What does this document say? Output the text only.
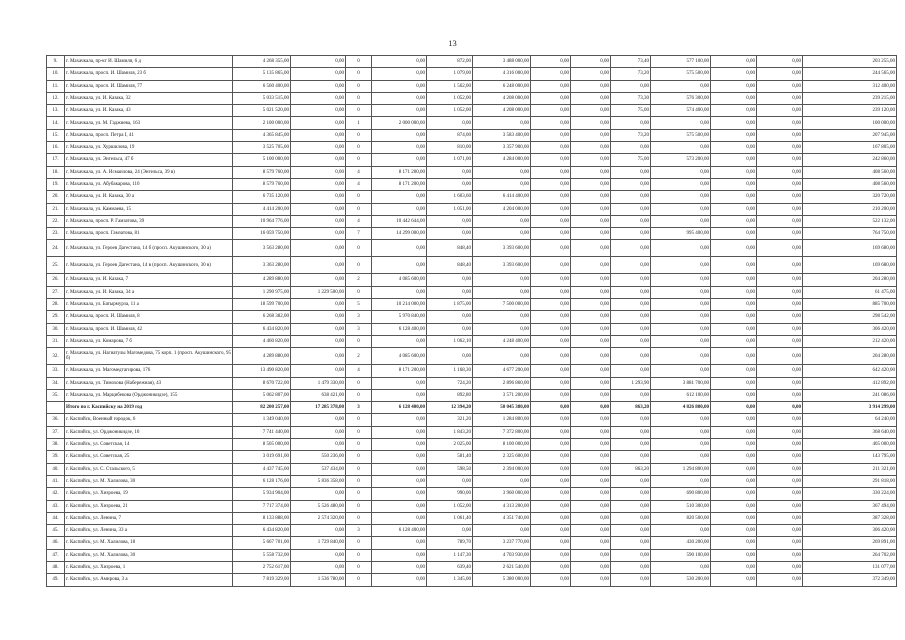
13
9.	г. Махачкала, пр-кт И. Шамиля, 6 д	4 268 355,00	0,00	0	0,00	872,00	3 488 000,00	0,00	0,00	73,40	577 100,00	0,00	0,00	203 255,00
10.	г. Махачкала, просп. И. Шамиля, 23 б	5 135 865,00	0,00	0	0,00	1 079,00	4 316 000,00	0,00	0,00	73,20	575 500,00	0,00	0,00	244 565,00
11.	г. Махачкала, просп. И. Шамиля, 77	6 560 400,00	0,00	0	0,00	1 562,00	6 248 000,00	0,00	0,00	0,00	0,00	0,00	0,00	312 400,00
12.	г. Махачкала, ул. И. Казака, 32	5 033 515,00	0,00	0	0,00	1 052,00	4 208 000,00	0,00	0,00	73,30	576 300,00	0,00	0,00	239 215,00
13.	г. Махачкала, ул. И. Казака, 43	5 021 520,00	0,00	0	0,00	1 052,00	4 208 000,00	0,00	0,00	75,00	574 400,00	0,00	0,00	239 120,00
14.	г. Махачкала, ул. М. Гаджиева, 163	2 100 000,00	0,00	1	2 000 000,00	0,00	0,00	0,00	0,00	0,00	0,00	0,00	0,00	100 000,00
15.	г. Махачкала, просп. Петра I, 41	4 365 845,00	0,00	0	0,00	874,00	3 583 400,00	0,00	0,00	73,20	575 500,00	0,00	0,00	207 945,00
16.	г. Махачкала, ул. Хуршилова, 19	3 525 705,00	0,00	0	0,00	810,00	3 357 900,00	0,00	0,00	0,00	0,00	0,00	0,00	167 805,00
17.	г. Махачкала, ул. Энгельса, 47 б	5 100 000,00	0,00	0	0,00	1 071,00	4 284 000,00	0,00	0,00	75,00	573 200,00	0,00	0,00	242 860,00
18.	г. Махачкала, ул. А. Исмаилова, 24 (Энгельса, 39 в)	8 579 760,00	0,00	4	8 171 200,00	0,00	0,00	0,00	0,00	0,00	0,00	0,00	0,00	408 560,00
19.	г. Махачкала, ул. Абубакарова, 110	8 579 760,00	0,00	4	8 171 200,00	0,00	0,00	0,00	0,00	0,00	0,00	0,00	0,00	408 560,00
20.	г. Махачкала, ул. И. Казака, 30 а	6 735 120,00	0,00	0	0,00	1 603,60	6 414 400,00	0,00	0,00	0,00	0,00	0,00	0,00	320 720,00
21.	г. Махачкала, ул. Каммаева, 15	4 414 200,00	0,00	0	0,00	1 051,00	4 204 000,00	0,00	0,00	0,00	0,00	0,00	0,00	210 200,00
22.	г. Махачкала, просп. Р. Гамзатова, 39	10 964 776,00	0,00	4	10 442 644,00	0,00	0,00	0,00	0,00	0,00	0,00	0,00	0,00	522 132,00
23.	г. Махачкала, просп. Гамзатова, 81	16 059 750,00	0,00	7	14 299 000,00	0,00	0,00	0,00	0,00	0,00	995 400,00	0,00	0,00	764 750,00
24.	г. Махачкала, ул. Героев Дагестана, 14 б (просп. Акушинского, 30 а)	3 563 280,00	0,00	0	0,00	848,40	3 393 600,00	0,00	0,00	0,00	0,00	0,00	0,00	169 680,00
25.	г. Махачкала, ул. Героев Дагестана, 14 в (просп. Акушинского, 30 в)	3 363 280,00	0,00	0	0,00	848,40	3 393 600,00	0,00	0,00	0,00	0,00	0,00	0,00	169 680,00
26.	г. Махачкала, ул. И. Казака, 7	4 289 880,00	0,00	2	4 085 600,00	0,00	0,00	0,00	0,00	0,00	0,00	0,00	0,00	204 280,00
27.	г. Махачкала, ул. И. Казака, 34 а	1 290 975,00	1 229 500,00	0	0,00	0,00	0,00	0,00	0,00	0,00	0,00	0,00	0,00	61 475,00
28.	г. Махачкала, ул. Батырмурза, 11 а	18 599 700,00	0,00	5	10 214 000,00	1 875,00	7 500 000,00	0,00	0,00	0,00	0,00	0,00	0,00	885 700,00
29.	г. Махачкала, просп. И. Шамиля, 8	6 268 382,00	0,00	3	5 970 840,00	0,00	0,00	0,00	0,00	0,00	0,00	0,00	0,00	298 542,00
30.	г. Махачкала, просп. И. Шамиля, 42	6 434 820,00	0,00	3	6 128 400,00	0,00	0,00	0,00	0,00	0,00	0,00	0,00	0,00	306 420,00
31.	г. Махачкала, ул. Комарова, 7 б	4 460 820,00	0,00	0	0,00	1 062,10	4 248 400,00	0,00	0,00	0,00	0,00	0,00	0,00	212 420,00
32.	г. Махачкала, ул. Нагиатулы Магомедова, 75 корп. 1 (просп. Акушинского, 95 б)	4 289 880,00	0,00	2	4 085 600,00	0,00	0,00	0,00	0,00	0,00	0,00	0,00	0,00	204 280,00
33.	г. Махачкала, ул. Магомедтагирова, 176	13 490 820,00	0,00	4	8 171 200,00	1 168,30	4 677 200,00	0,00	0,00	0,00	0,00	0,00	0,00	642 420,00
34.	г. Махачкала, ул. Тимохова (Набережная), 43	8 670 722,00	1 479 330,00	0	0,00	724,20	2 896 860,00	0,00	0,00	1 293,90	3 881 700,00	0,00	0,00	412 892,00
35.	г. Махачкала, ул. Марцибекова (Орджоникидзе), 155	5 062 807,00	638 421,00	0	0,00	892,80	3 571 200,00	0,00	0,00	0,00	612 100,00	0,00	0,00	241 086,00
	Итого по г. Каспийску на 2019 год	82 200 257,00	17 285 378,00	3	6 128 400,00	12 394,20	50 045 380,00	0,00	0,00	863,20	4 826 800,00	0,00	0,00	3 914 299,00
36.	г. Каспийск, Военный городок, 6	1 349 040,00	0,00	0	0,00	321,20	1 284 800,00	0,00	0,00	0,00	0,00	0,00	0,00	64 240,00
37.	г. Каспийск, ул. Орджоникидзе, 10	7 741 440,00	0,00	0	0,00	1 843,20	7 372 800,00	0,00	0,00	0,00	0,00	0,00	0,00	368 640,00
38.	г. Каспийск, ул. Советская, 14	8 505 000,00	0,00	0	0,00	2 025,00	8 100 000,00	0,00	0,00	0,00	0,00	0,00	0,00	405 000,00
39.	г. Каспийск, ул. Советская, 25	3 019 691,00	550 236,00	0	0,00	581,40	2 325 600,00	0,00	0,00	0,00	0,00	0,00	0,00	143 795,00
40.	г. Каспийск, ул. С. Стальского, 5	4 437 745,00	537 434,00	0	0,00	598,50	2 394 000,00	0,00	0,00	863,20	1 294 800,00	0,00	0,00	211 321,00
41.	г. Каспийск, ул. М. Халилова, 30	6 128 176,00	5 836 358,00	0	0,00	0,00	0,00	0,00	0,00	0,00	0,00	0,00	0,00	291 818,00
42.	г. Каспийск, ул. Хизроева, 19	5 934 904,00	0,00	0	0,00	990,00	3 960 000,00	0,00	0,00	0,00	690 800,00	0,00	0,00	330 224,00
43.	г. Каспийск, ул. Хизроева, 21	7 717 374,00	5 526 480,00	0	0,00	1 052,00	4 313 200,00	0,00	0,00	0,00	510 300,00	0,00	0,00	367 494,00
44.	г. Каспийск, ул. Ленина, 7	8 133 888,00	2 574 320,00	0	0,00	1 061,40	4 351 740,00	0,00	0,00	0,00	820 500,00	0,00	0,00	387 328,00
45.	г. Каспийск, ул. Ленина, 33 а	6 434 820,00	0,00	3	6 128 400,00	0,00	0,00	0,00	0,00	0,00	0,00	0,00	0,00	306 420,00
46.	г. Каспийск, ул. М. Халилова, 18	5 667 701,00	1 729 840,00	0	0,00	789,70	3 237 770,00	0,00	0,00	0,00	430 200,00	0,00	0,00	269 891,00
47.	г. Каспийск, ул. М. Халилова, 30	5 558 732,00	0,00	0	0,00	1 147,30	4 703 930,00	0,00	0,00	0,00	590 100,00	0,00	0,00	264 702,00
48.	г. Каспийск, ул. Хизроева, 1	2 752 617,00	0,00	0	0,00	639,40	2 621 540,00	0,00	0,00	0,00	0,00	0,00	0,00	131 077,00
49.	г. Каспийск, ул. Амирова, 3 а	7 819 329,00	1 536 780,00	0	0,00	1 345,00	5 380 000,00	0,00	0,00	0,00	530 200,00	0,00	0,00	372 349,00
